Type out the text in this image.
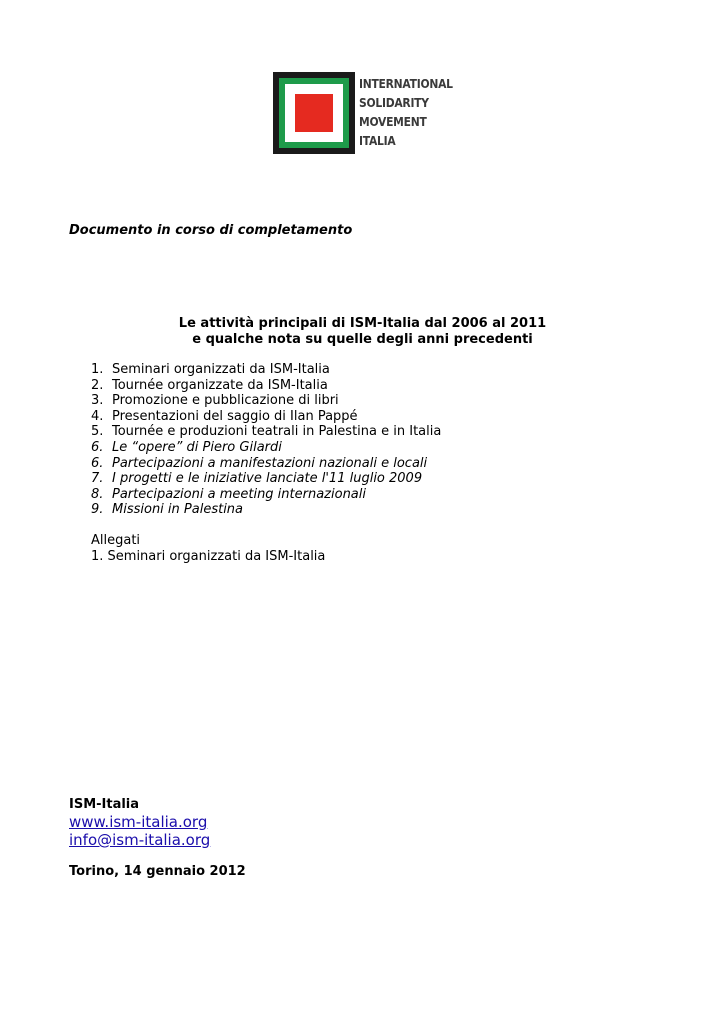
INTERNATIONAL
SOLIDARITY
MOVEMENT
ITALIA
Documento in corso di completamento
Le attività principali di ISM-Italia dal 2006 al 2011
e qualche nota su quelle degli anni precedenti
1. Seminari organizzati da ISM-Italia
2. Tournée organizzate da ISM-Italia
3. Promozione e pubblicazione di libri
4. Presentazioni del saggio di Ilan Pappé
5. Tournée e produzioni teatrali in Palestina e in Italia
6. Le “opere” di Piero Gilardi
6. Partecipazioni a manifestazioni nazionali e locali
7. I progetti e le iniziative lanciate l'11 luglio 2009
8. Partecipazioni a meeting internazionali
9. Missioni in Palestina
Allegati
1. Seminari organizzati da ISM-Italia
ISM-Italia
www.ism-italia.org
info@ism-italia.org
Torino, 14 gennaio 2012
